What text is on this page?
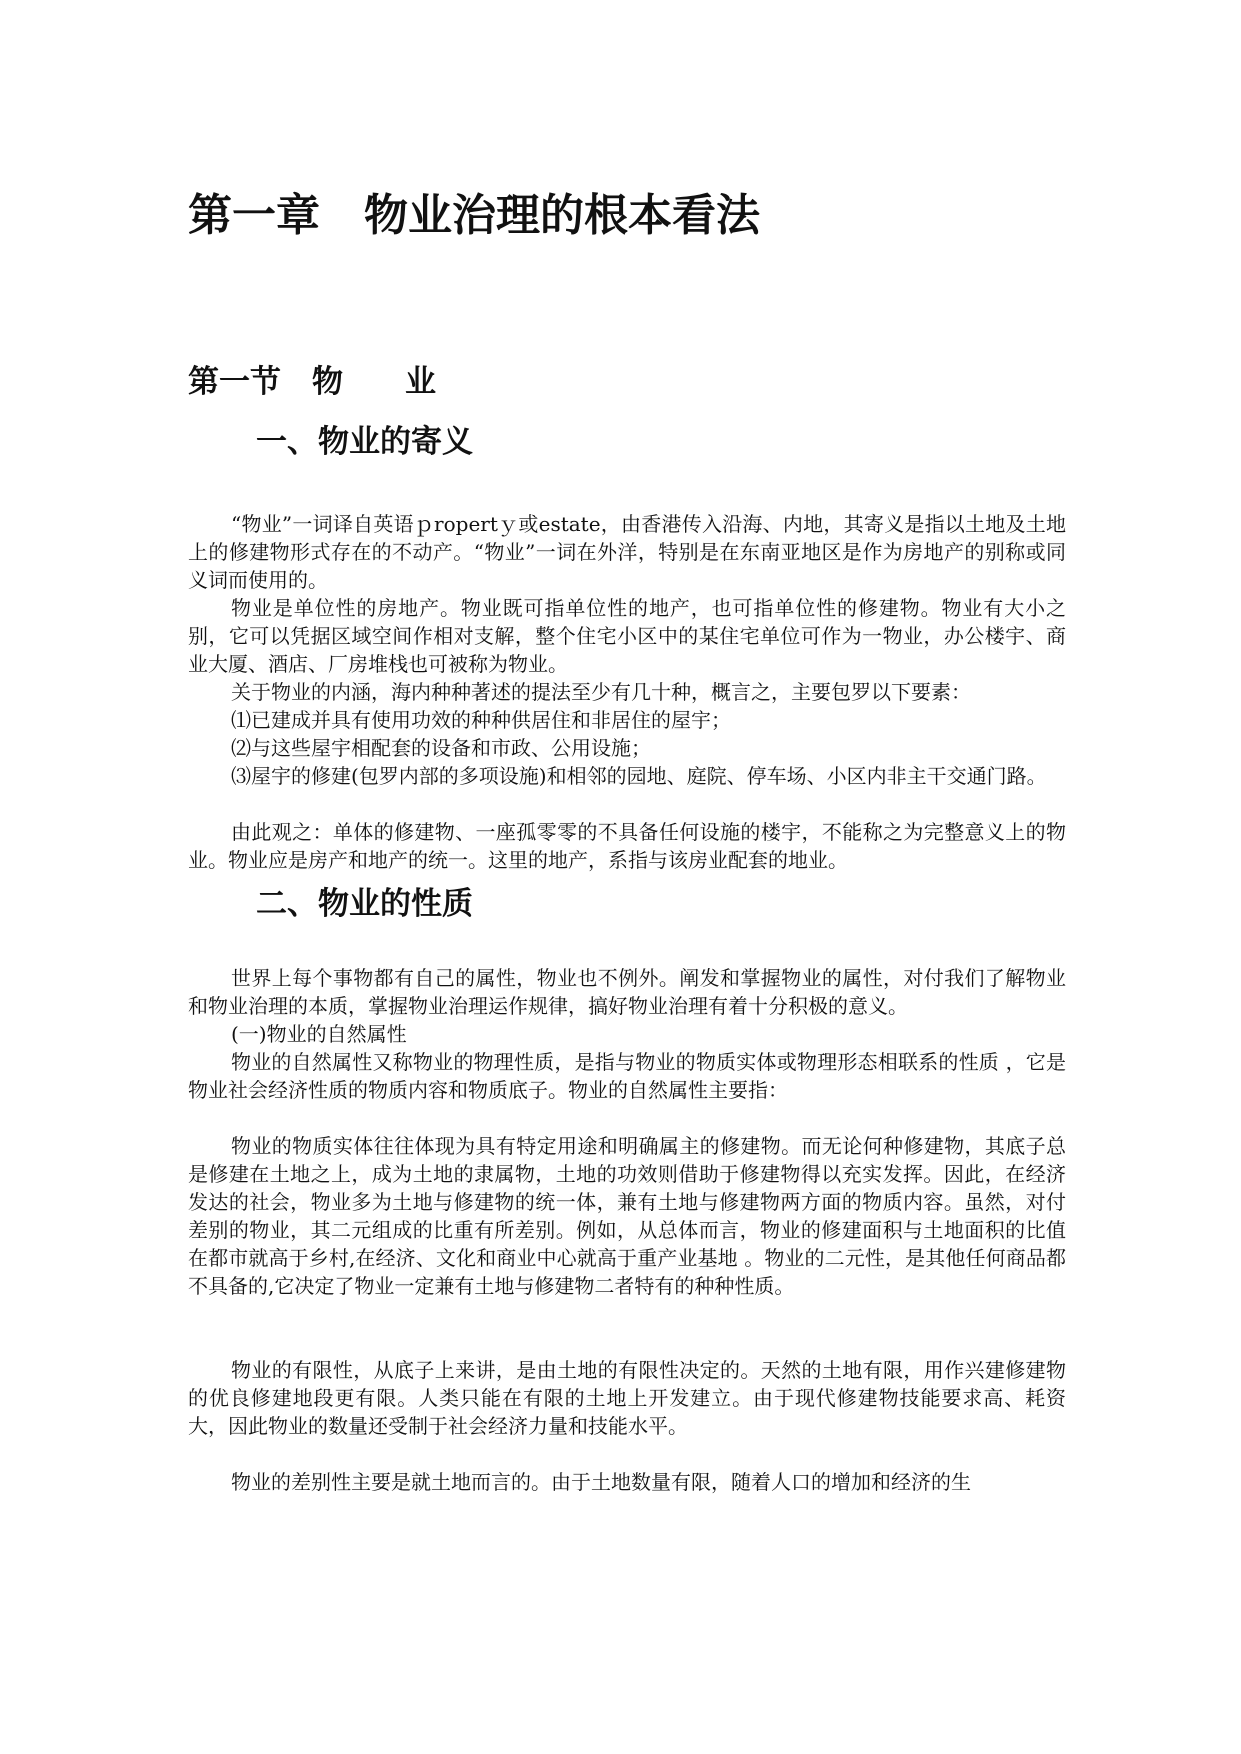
第一章　物业治理的根本看法
第一节　物　　业
一、物业的寄义

“物业”一词译自英语ｐropertｙ或estate，由香港传入沿海、内地，其寄义是指以土地及土地上的修建物形式存在的不动产。“物业”一词在外洋，特别是在东南亚地区是作为房地产的别称或同义词而使用的。

物业是单位性的房地产。物业既可指单位性的地产，也可指单位性的修建物。物业有大小之别，它可以凭据区域空间作相对支解，整个住宅小区中的某住宅单位可作为一物业，办公楼宇、商业大厦、酒店、厂房堆栈也可被称为物业。

关于物业的内涵，海内种种著述的提法至少有几十种，概言之，主要包罗以下要素：

⑴已建成并具有使用功效的种种供居住和非居住的屋宇；

⑵与这些屋宇相配套的设备和市政、公用设施；

⑶屋宇的修建(包罗内部的多项设施)和相邻的园地、庭院、停车场、小区内非主干交通门路。

由此观之：单体的修建物、一座孤零零的不具备任何设施的楼宇，不能称之为完整意义上的物业。物业应是房产和地产的统一。这里的地产，系指与该房业配套的地业。

二、物业的性质

世界上每个事物都有自己的属性，物业也不例外。阐发和掌握物业的属性，对付我们了解物业和物业治理的本质，掌握物业治理运作规律，搞好物业治理有着十分积极的意义。

(一)物业的自然属性

物业的自然属性又称物业的物理性质，是指与物业的物质实体或物理形态相联系的性质 ，它是物业社会经济性质的物质内容和物质底子。物业的自然属性主要指：

物业的物质实体往往体现为具有特定用途和明确属主的修建物。而无论何种修建物，其底子总是修建在土地之上，成为土地的隶属物，土地的功效则借助于修建物得以充实发挥。因此，在经济发达的社会，物业多为土地与修建物的统一体，兼有土地与修建物两方面的物质内容。虽然，对付差别的物业，其二元组成的比重有所差别。例如，从总体而言，物业的修建面积与土地面积的比值在都市就高于乡村,在经济、文化和商业中心就高于重产业基地 。物业的二元性，是其他任何商品都不具备的,它决定了物业一定兼有土地与修建物二者特有的种种性质。

物业的有限性，从底子上来讲，是由土地的有限性决定的。天然的土地有限，用作兴建修建物的优良修建地段更有限。人类只能在有限的土地上开发建立。由于现代修建物技能要求高、耗资大，因此物业的数量还受制于社会经济力量和技能水平。

物业的差别性主要是就土地而言的。由于土地数量有限，随着人口的增加和经济的生
